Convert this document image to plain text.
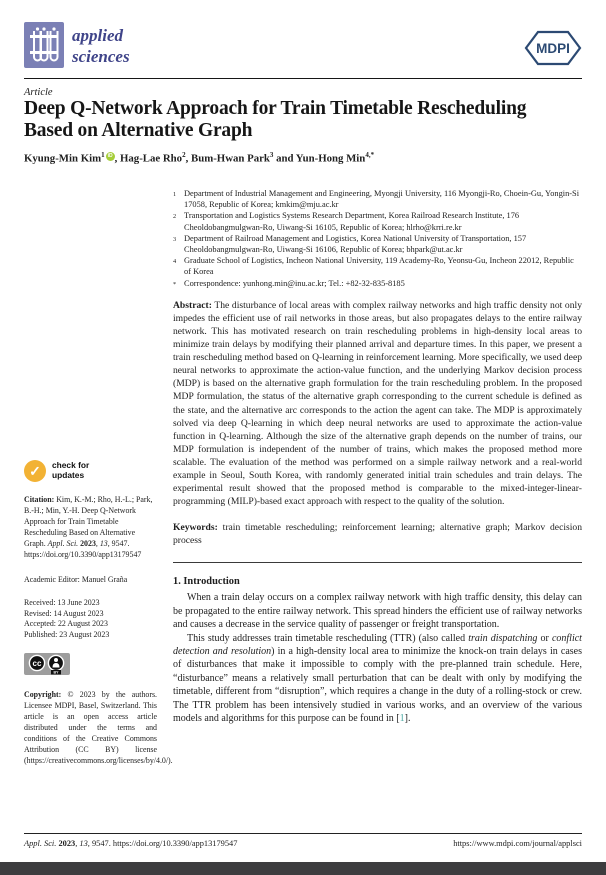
applied
sciences	MDPI
Article
Deep Q-Network Approach for Train Timetable Rescheduling Based on Alternative Graph
Kyung-Min Kim$^1$ iD , Hag-Lae Rho$^2$, Bum-Hwan Park$^3$ and Yun-Hong Min$^{4,*}$
✓	check for
updates
Citation: Kim, K.-M.; Rho, H.-L.; Park, B.-H.; Min, Y.-H. Deep Q-Network Approach for Train Timetable Rescheduling Based on Alternative Graph. Appl. Sci. 2023, 13, 9547. https://doi.org/10.3390/app13179547
Academic Editor: Manuel Graña
Received: 13 June 2023
Revised: 14 August 2023
Accepted: 22 August 2023
Published: 23 August 2023
cc
BY
Copyright: © 2023 by the authors. Licensee MDPI, Basel, Switzerland. This article is an open access article distributed under the terms and conditions of the Creative Commons Attribution (CC BY) license (https://creativecommons.org/licenses/by/4.0/).
1 Department of Industrial Management and Engineering, Myongji University, 116 Myongji-Ro, Choein-Gu, Yongin-Si 17058, Republic of Korea; kmkim@mju.ac.kr
2 Transportation and Logistics Systems Research Department, Korea Railroad Research Institute, 176 Cheoldobangmulgwan-Ro, Uiwang-Si 16105, Republic of Korea; hlrho@krri.re.kr
3 Department of Railroad Management and Logistics, Korea National University of Transportation, 157 Cheoldobangmulgwan-Ro, Uiwang-Si 16106, Republic of Korea; bhpark@ut.ac.kr
4 Graduate School of Logistics, Incheon National University, 119 Academy-Ro, Yeonsu-Gu, Incheon 22012, Republic of Korea
* Correspondence: yunhong.min@inu.ac.kr; Tel.: +82-32-835-8185
Abstract: The disturbance of local areas with complex railway networks and high traffic density not only impedes the efficient use of rail networks in those areas, but also propagates delays to the entire railway network. This has motivated research on train rescheduling problems in high-density local areas to minimize train delays by modifying their planned arrival and departure times. In this paper, we present a train rescheduling method based on Q-learning in reinforcement learning. More specifically, we used deep neural networks to approximate the action-value function, and the underlying Markov decision process (MDP) is based on the alternative graph formulation for the train rescheduling problem. In the proposed MDP formulation, the status of the alternative graph corresponding to the current schedule is defined as the state, and the alternative arc corresponds to the action the agent can take. The MDP is approximately solved via deep Q-learning in which deep neural networks are used to approximate the action-value function in Q-learning. Although the size of the alternative graph depends on the number of trains, our MDP formulation is independent of the number of trains, which makes the proposed method more scalable. The evaluation of the method was performed on a simple railway network and a real-world example in Seoul, South Korea, with randomly generated initial train schedules and train delays. The experimental result showed that the proposed method is comparable to the mixed-integer-linear-programming (MILP)-based exact approach with respect to the quality of the solution.
Keywords: train timetable rescheduling; reinforcement learning; alternative graph; Markov decision process
1. Introduction

When a train delay occurs on a complex railway network with high traffic density, this delay can be propagated to the entire railway network. This spread hinders the efficient use of railway networks and causes a decrease in the service quality of passenger or freight transportation.

This study addresses train timetable rescheduling (TTR) (also called train dispatching or conflict detection and resolution) in a high-density local area to minimize the knock-on train delays in cases of disturbances that make it impossible to comply with the pre-planned train schedule. Here, “disturbance” means a relatively small perturbation that can be dealt with only by modifying the timetable, different from “disruption”, which requires a change in the duty of a rolling-stock or crew. The TTR problem has been intensively studied in various works, and an overview of the various models and algorithms for this purpose can be found in [1].

Appl. Sci. 2023, 13, 9547. https://doi.org/10.3390/app13179547	https://www.mdpi.com/journal/applsci
